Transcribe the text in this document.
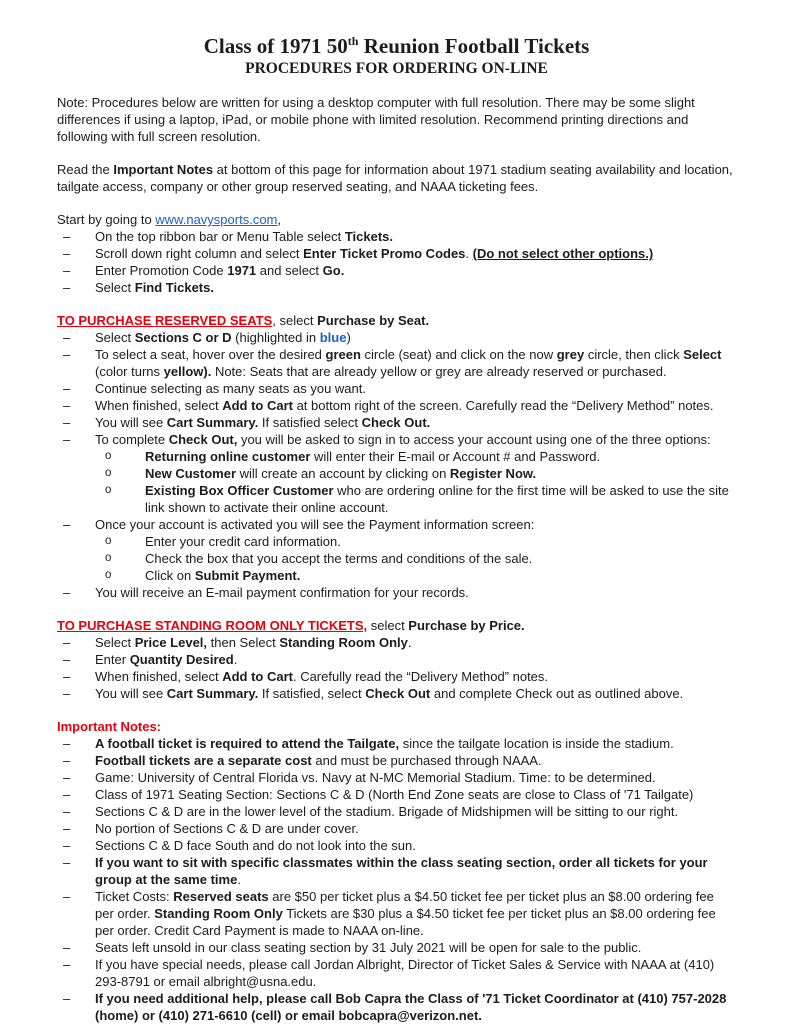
Class of 1971 50th Reunion Football Tickets
PROCEDURES FOR ORDERING ON-LINE
Note: Procedures below are written for using a desktop computer with full resolution. There may be some slight differences if using a laptop, iPad, or mobile phone with limited resolution. Recommend printing directions and following with full screen resolution.
Read the Important Notes at bottom of this page for information about 1971 stadium seating availability and location, tailgate access, company or other group reserved seating, and NAAA ticketing fees.
Start by going to www.navysports.com,
–	On the top ribbon bar or Menu Table select Tickets.
–	Scroll down right column and select Enter Ticket Promo Codes. (Do not select other options.)
–	Enter Promotion Code 1971 and select Go.
–	Select Find Tickets.
TO PURCHASE RESERVED SEATS, select Purchase by Seat.
–	Select Sections C or D (highlighted in blue)
–	To select a seat, hover over the desired green circle (seat) and click on the now grey circle, then click Select (color turns yellow). Note: Seats that are already yellow or grey are already reserved or purchased.
–	Continue selecting as many seats as you want.
–	When finished, select Add to Cart at bottom right of the screen. Carefully read the “Delivery Method” notes.
–	You will see Cart Summary. If satisfied select Check Out.
–	To complete Check Out, you will be asked to sign in to access your account using one of the three options:
o	Returning online customer will enter their E-mail or Account # and Password.
o	New Customer will create an account by clicking on Register Now.
o	Existing Box Officer Customer who are ordering online for the first time will be asked to use the site link shown to activate their online account.
–	Once your account is activated you will see the Payment information screen:
o	Enter your credit card information.
o	Check the box that you accept the terms and conditions of the sale.
o	Click on Submit Payment.
–	You will receive an E-mail payment confirmation for your records.
TO PURCHASE STANDING ROOM ONLY TICKETS, select Purchase by Price.
–	Select Price Level, then Select Standing Room Only.
–	Enter Quantity Desired.
–	When finished, select Add to Cart. Carefully read the “Delivery Method” notes.
–	You will see Cart Summary. If satisfied, select Check Out and complete Check out as outlined above.
Important Notes:
–	A football ticket is required to attend the Tailgate, since the tailgate location is inside the stadium.
–	Football tickets are a separate cost and must be purchased through NAAA.
–	Game: University of Central Florida vs. Navy at N-MC Memorial Stadium. Time: to be determined.
–	Class of 1971 Seating Section: Sections C & D (North End Zone seats are close to Class of '71 Tailgate)
–	Sections C & D are in the lower level of the stadium. Brigade of Midshipmen will be sitting to our right.
–	No portion of Sections C & D are under cover.
–	Sections C & D face South and do not look into the sun.
–	If you want to sit with specific classmates within the class seating section, order all tickets for your group at the same time.
–	Ticket Costs: Reserved seats are $50 per ticket plus a $4.50 ticket fee per ticket plus an $8.00 ordering fee per order. Standing Room Only Tickets are $30 plus a $4.50 ticket fee per ticket plus an $8.00 ordering fee per order. Credit Card Payment is made to NAAA on-line.
–	Seats left unsold in our class seating section by 31 July 2021 will be open for sale to the public.
–	If you have special needs, please call Jordan Albright, Director of Ticket Sales & Service with NAAA at (410) 293-8791 or email albright@usna.edu.
–	If you need additional help, please call Bob Capra the Class of '71 Ticket Coordinator at (410) 757-2028 (home) or (410) 271-6610 (cell) or email bobcapra@verizon.net.
